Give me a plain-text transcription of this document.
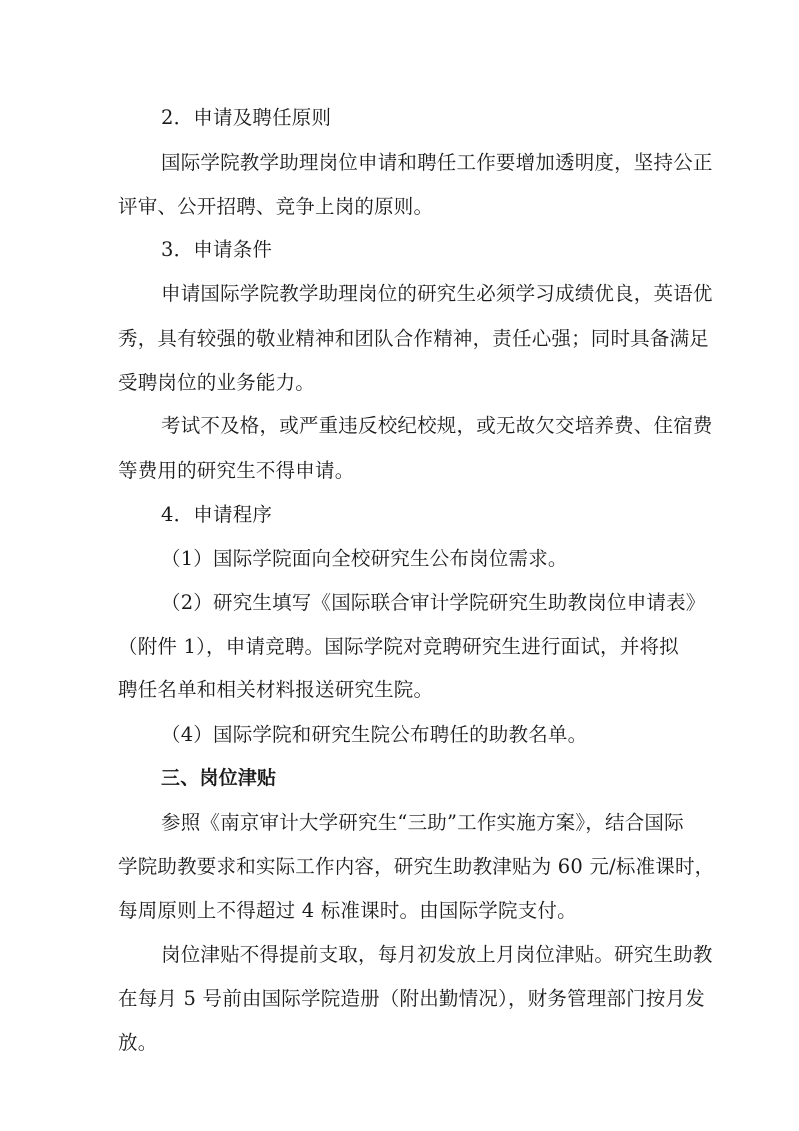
2．申请及聘任原则
国际学院教学助理岗位申请和聘任工作要增加透明度，坚持公正
评审、公开招聘、竞争上岗的原则。
3．申请条件
申请国际学院教学助理岗位的研究生必须学习成绩优良，英语优
秀，具有较强的敬业精神和团队合作精神，责任心强；同时具备满足
受聘岗位的业务能力。
考试不及格，或严重违反校纪校规，或无故欠交培养费、住宿费
等费用的研究生不得申请。
4．申请程序
（1）国际学院面向全校研究生公布岗位需求。
（2）研究生填写《国际联合审计学院研究生助教岗位申请表》
（附件 1），申请竞聘。国际学院对竞聘研究生进行面试，并将拟
聘任名单和相关材料报送研究生院。
（4）国际学院和研究生院公布聘任的助教名单。
三、岗位津贴
参照《南京审计大学研究生“三助”工作实施方案》，结合国际
学院助教要求和实际工作内容，研究生助教津贴为 60 元/标准课时，
每周原则上不得超过 4 标准课时。由国际学院支付。
岗位津贴不得提前支取，每月初发放上月岗位津贴。研究生助教
在每月 5 号前由国际学院造册（附出勤情况），财务管理部门按月发
放。
